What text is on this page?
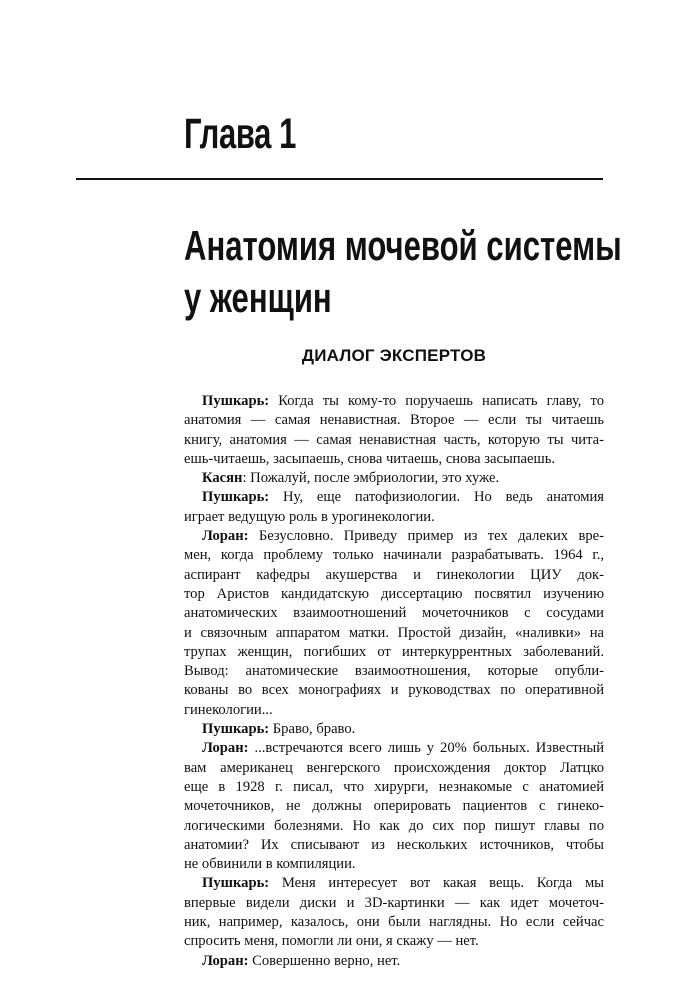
Глава 1
Анатомия мочевой системы
у женщин
ДИАЛОГ ЭКСПЕРТОВ
Пушкарь: Когда ты кому-то поручаешь написать главу, то
анатомия — самая ненавистная. Второе — если ты читаешь
книгу, анатомия — самая ненавистная часть, которую ты чита-
ешь-читаешь, засыпаешь, снова читаешь, снова засыпаешь.
Касян: Пожалуй, после эмбриологии, это хуже.
Пушкарь: Ну, еще патофизиологии. Но ведь анатомия
играет ведущую роль в урогинекологии.
Лоран: Безусловно. Приведу пример из тех далеких вре-
мен, когда проблему только начинали разрабатывать. 1964 г.,
аспирант кафедры акушерства и гинекологии ЦИУ док-
тор Аристов кандидатскую диссертацию посвятил изучению
анатомических взаимоотношений мочеточников с сосудами
и связочным аппаратом матки. Простой дизайн, «наливки» на
трупах женщин, погибших от интеркуррентных заболеваний.
Вывод: анатомические взаимоотношения, которые опубли-
кованы во всех монографиях и руководствах по оперативной
гинекологии...
Пушкарь: Браво, браво.
Лоран: ...встречаются всего лишь у 20% больных. Известный
вам американец венгерского происхождения доктор Латцко
еще в 1928 г. писал, что хирурги, незнакомые с анатомией
мочеточников, не должны оперировать пациентов с гинеко-
логическими болезнями. Но как до сих пор пишут главы по
анатомии? Их списывают из нескольких источников, чтобы
не обвинили в компиляции.
Пушкарь: Меня интересует вот какая вещь. Когда мы
впервые видели диски и 3D-картинки — как идет мочеточ-
ник, например, казалось, они были наглядны. Но если сейчас
спросить меня, помогли ли они, я скажу — нет.
Лоран: Совершенно верно, нет.
